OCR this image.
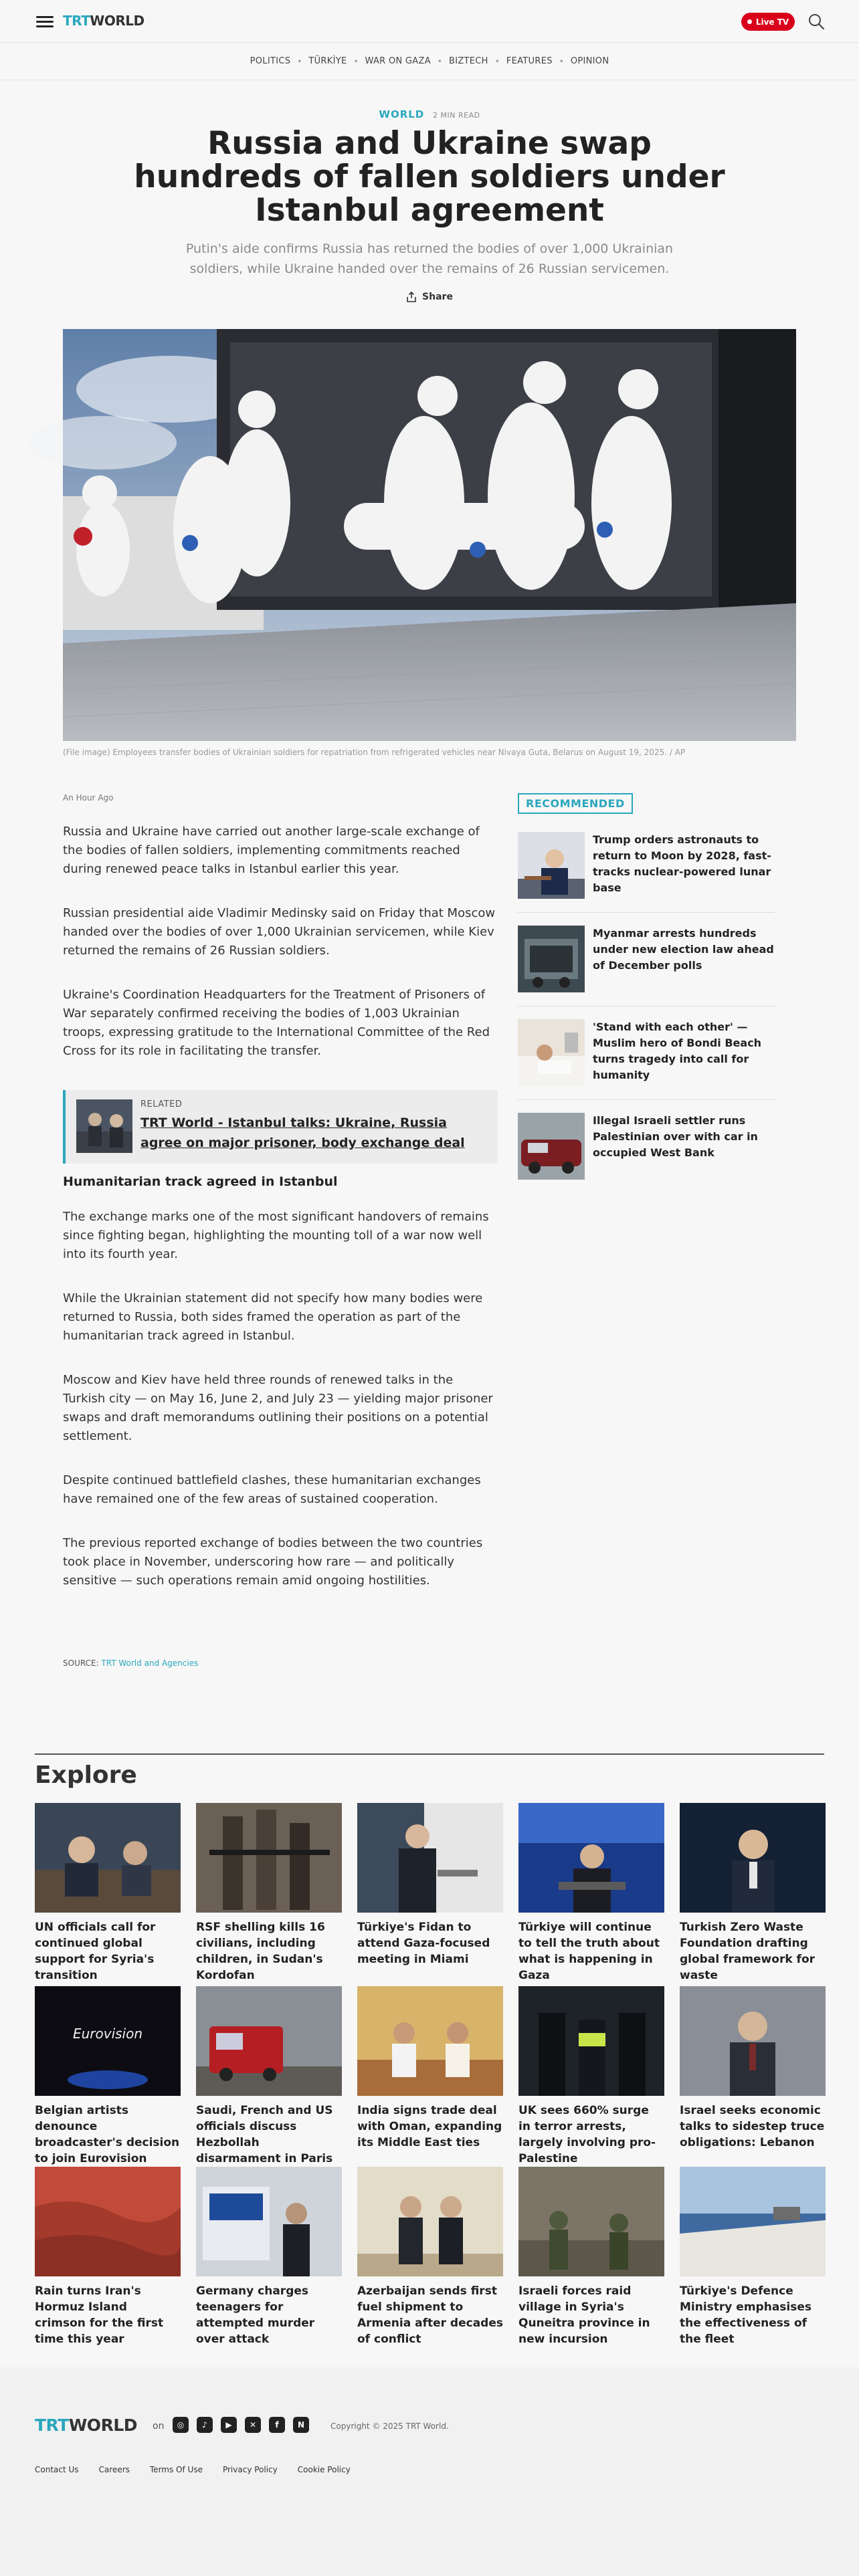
TRTWORLD	Live TV
POLITICS • TÜRKİYE • WAR ON GAZA • BIZTECH • FEATURES • OPINION
WORLD 2 MIN READ
Russia and Ukraine swap hundreds of fallen soldiers under Istanbul agreement

Putin's aide confirms Russia has returned the bodies of over 1,000 Ukrainian soldiers, while Ukraine handed over the remains of 26 Russian servicemen.

Share

(File image) Employees transfer bodies of Ukrainian soldiers for repatriation from refrigerated vehicles near Nivaya Guta, Belarus on August 19, 2025. / AP

An Hour Ago

Russia and Ukraine have carried out another large-scale exchange of the bodies of fallen soldiers, implementing commitments reached during renewed peace talks in Istanbul earlier this year.

Russian presidential aide Vladimir Medinsky said on Friday that Moscow handed over the bodies of over 1,000 Ukrainian servicemen, while Kiev returned the remains of 26 Russian soldiers.

Ukraine's Coordination Headquarters for the Treatment of Prisoners of War separately confirmed receiving the bodies of 1,003 Ukrainian troops, expressing gratitude to the International Committee of the Red Cross for its role in facilitating the transfer.

RELATED
TRT World - Istanbul talks: Ukraine, Russia agree on major prisoner, body exchange deal
Humanitarian track agreed in Istanbul

The exchange marks one of the most significant handovers of remains since fighting began, highlighting the mounting toll of a war now well into its fourth year.

While the Ukrainian statement did not specify how many bodies were returned to Russia, both sides framed the operation as part of the humanitarian track agreed in Istanbul.

Moscow and Kiev have held three rounds of renewed talks in the Turkish city — on May 16, June 2, and July 23 — yielding major prisoner swaps and draft memorandums outlining their positions on a potential settlement.

Despite continued battlefield clashes, these humanitarian exchanges have remained one of the few areas of sustained cooperation.

The previous reported exchange of bodies between the two countries took place in November, underscoring how rare — and politically sensitive — such operations remain amid ongoing hostilities.

SOURCE: TRT World and Agencies
RECOMMENDED
Trump orders astronauts to return to Moon by 2028, fast-tracks nuclear-powered lunar base
Myanmar arrests hundreds under new election law ahead of December polls
'Stand with each other' — Muslim hero of Bondi Beach turns tragedy into call for humanity
Illegal Israeli settler runs Palestinian over with car in occupied West Bank
Explore
UN officials call for continued global support for Syria's transition
RSF shelling kills 16 civilians, including children, in Sudan's Kordofan
Türkiye's Fidan to attend Gaza-focused meeting in Miami
Türkiye will continue to tell the truth about what is happening in Gaza
Turkish Zero Waste Foundation drafting global framework for waste
Eurovision
Belgian artists denounce broadcaster's decision to join Eurovision
Saudi, French and US officials discuss Hezbollah disarmament in Paris
India signs trade deal with Oman, expanding its Middle East ties
UK sees 660% surge in terror arrests, largely involving pro-Palestine
Israel seeks economic talks to sidestep truce obligations: Lebanon
Rain turns Iran's Hormuz Island crimson for the first time this year
Germany charges teenagers for attempted murder over attack
Azerbaijan sends first fuel shipment to Armenia after decades of conflict
Israeli forces raid village in Syria's Quneitra province in new incursion
Türkiye's Defence Ministry emphasises the effectiveness of the fleet
TRTWORLD on	◎	♪	▶	✕	f	N	Copyright © 2025 TRT World.
Contact Us	Careers	Terms Of Use	Privacy Policy	Cookie Policy
